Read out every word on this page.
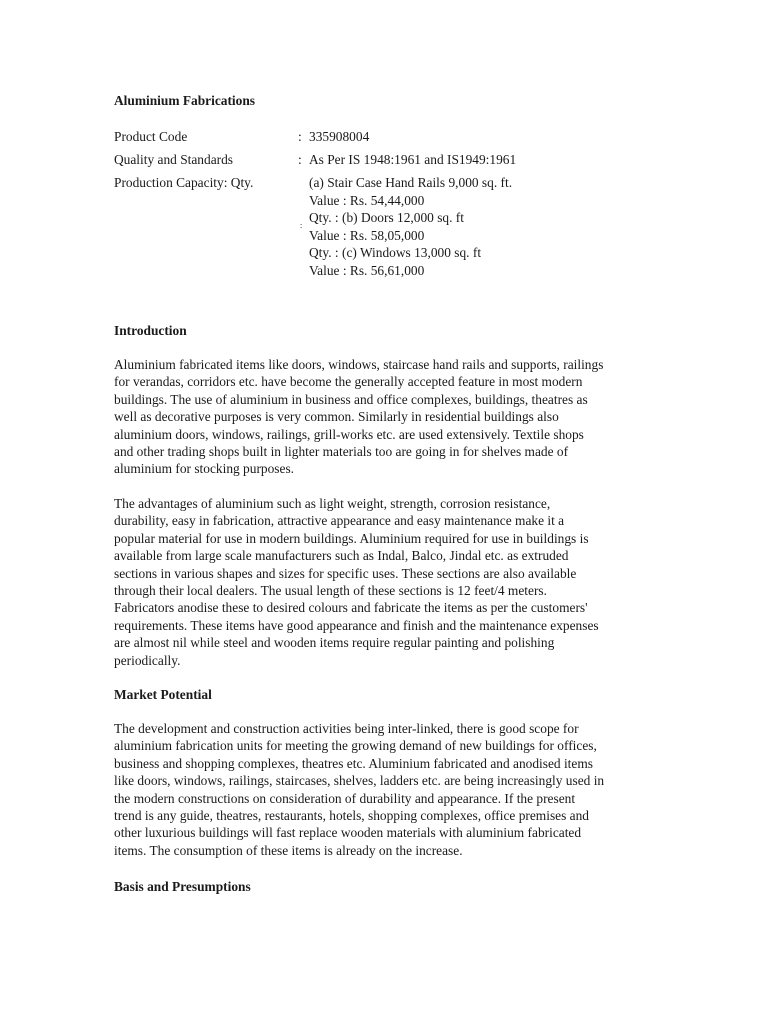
Aluminium Fabrications
Product Code	: 335908004
Quality and Standards	: As Per IS 1948:1961 and IS1949:1961
Production Capacity: Qty.
:
(a) Stair Case Hand Rails 9,000 sq. ft.
Value : Rs. 54,44,000
Qty. : (b) Doors 12,000 sq. ft
Value : Rs. 58,05,000
Qty. : (c) Windows 13,000 sq. ft
Value : Rs. 56,61,000
Introduction
Aluminium fabricated items like doors, windows, staircase hand rails and supports, railings
for verandas, corridors etc. have become the generally accepted feature in most modern
buildings. The use of aluminium in business and office complexes, buildings, theatres as
well as decorative purposes is very common. Similarly in residential buildings also
aluminium doors, windows, railings, grill-works etc. are used extensively. Textile shops
and other trading shops built in lighter materials too are going in for shelves made of
aluminium for stocking purposes.
The advantages of aluminium such as light weight, strength, corrosion resistance,
durability, easy in fabrication, attractive appearance and easy maintenance make it a
popular material for use in modern buildings. Aluminium required for use in buildings is
available from large scale manufacturers such as Indal, Balco, Jindal etc. as extruded
sections in various shapes and sizes for specific uses. These sections are also available
through their local dealers. The usual length of these sections is 12 feet/4 meters.
Fabricators anodise these to desired colours and fabricate the items as per the customers'
requirements. These items have good appearance and finish and the maintenance expenses
are almost nil while steel and wooden items require regular painting and polishing
periodically.
Market Potential
The development and construction activities being inter-linked, there is good scope for
aluminium fabrication units for meeting the growing demand of new buildings for offices,
business and shopping complexes, theatres etc. Aluminium fabricated and anodised items
like doors, windows, railings, staircases, shelves, ladders etc. are being increasingly used in
the modern constructions on consideration of durability and appearance. If the present
trend is any guide, theatres, restaurants, hotels, shopping complexes, office premises and
other luxurious buildings will fast replace wooden materials with aluminium fabricated
items. The consumption of these items is already on the increase.
Basis and Presumptions
